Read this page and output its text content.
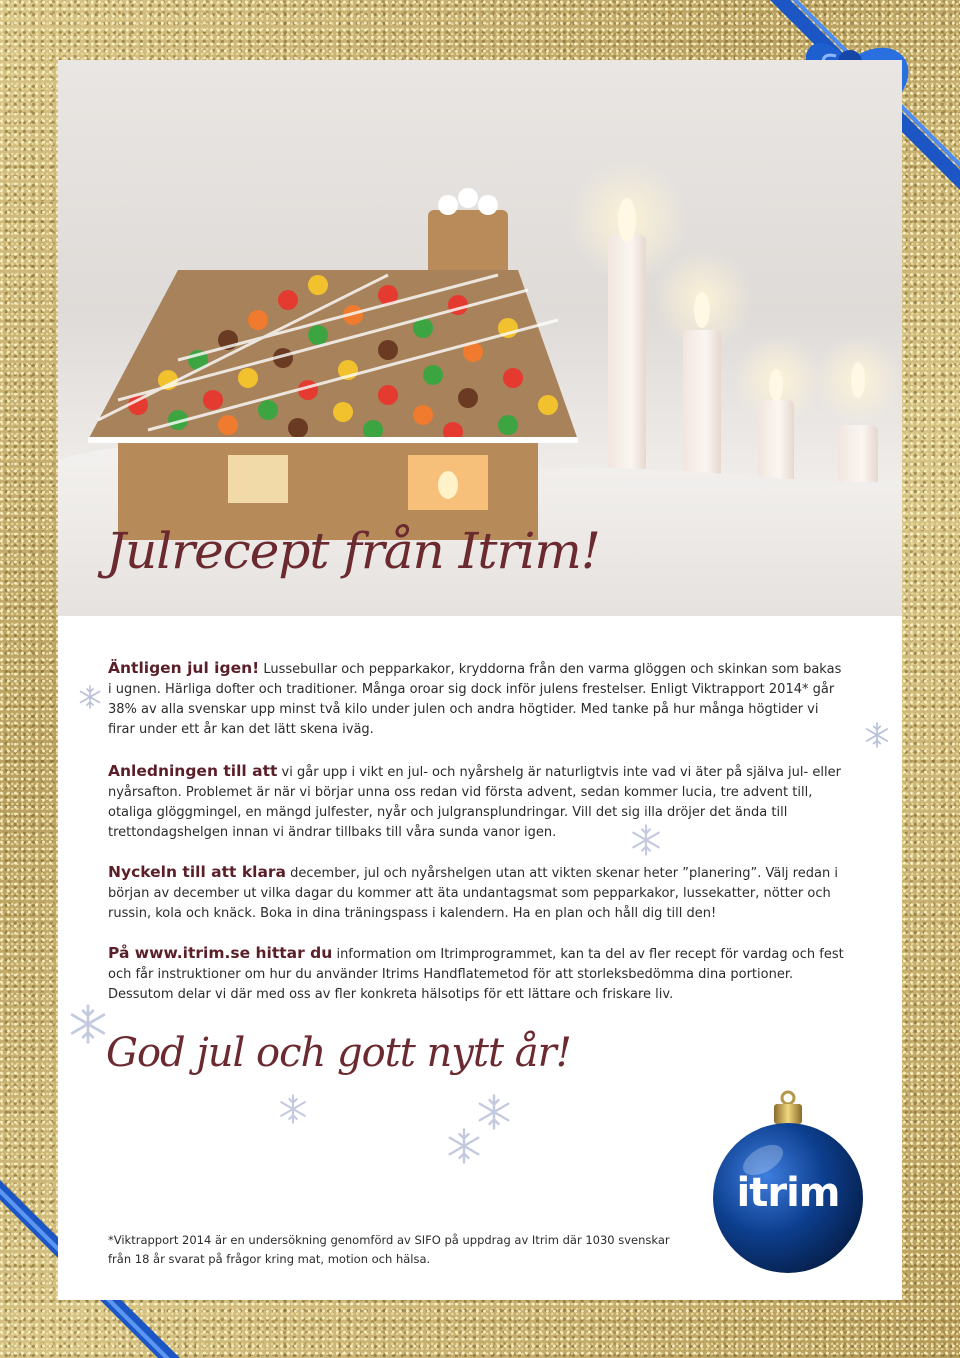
Julrecept från Itrim!

Äntligen jul igen! Lussebullar och pepparkakor, kryddorna från den varma glöggen och skinkan som bakas i ugnen. Härliga dofter och traditioner. Många oroar sig dock inför julens frestelser. Enligt Viktrapport 2014* går 38% av alla svenskar upp minst två kilo under julen och andra högtider. Med tanke på hur många högtider vi firar under ett år kan det lätt skena iväg.

Anledningen till att vi går upp i vikt en jul- och nyårshelg är naturligtvis inte vad vi äter på själva jul- eller nyårsafton. Problemet är när vi börjar unna oss redan vid första advent, sedan kommer lucia, tre advent till, otaliga glöggmingel, en mängd julfester, nyår och julgransplundringar. Vill det sig illa dröjer det ända till trettondagshelgen innan vi ändrar tillbaks till våra sunda vanor igen.

Nyckeln till att klara december, jul och nyårshelgen utan att vikten skenar heter ”planering”. Välj redan i början av december ut vilka dagar du kommer att äta undantagsmat som pepparkakor, lussekatter, nötter och russin, kola och knäck. Boka in dina träningspass i kalendern. Ha en plan och håll dig till den!

På www.itrim.se hittar du information om Itrimprogrammet, kan ta del av fler recept för vardag och fest och får instruktioner om hur du använder Itrims Handflatemetod för att storleksbedömma dina portioner. Dessutom delar vi där med oss av fler konkreta hälsotips för ett lättare och friskare liv.

God jul och gott nytt år!

*Viktrapport 2014 är en undersökning genomförd av SIFO på uppdrag av Itrim där 1030 svenskar från 18 år svarat på frågor kring mat, motion och hälsa.

itrim
